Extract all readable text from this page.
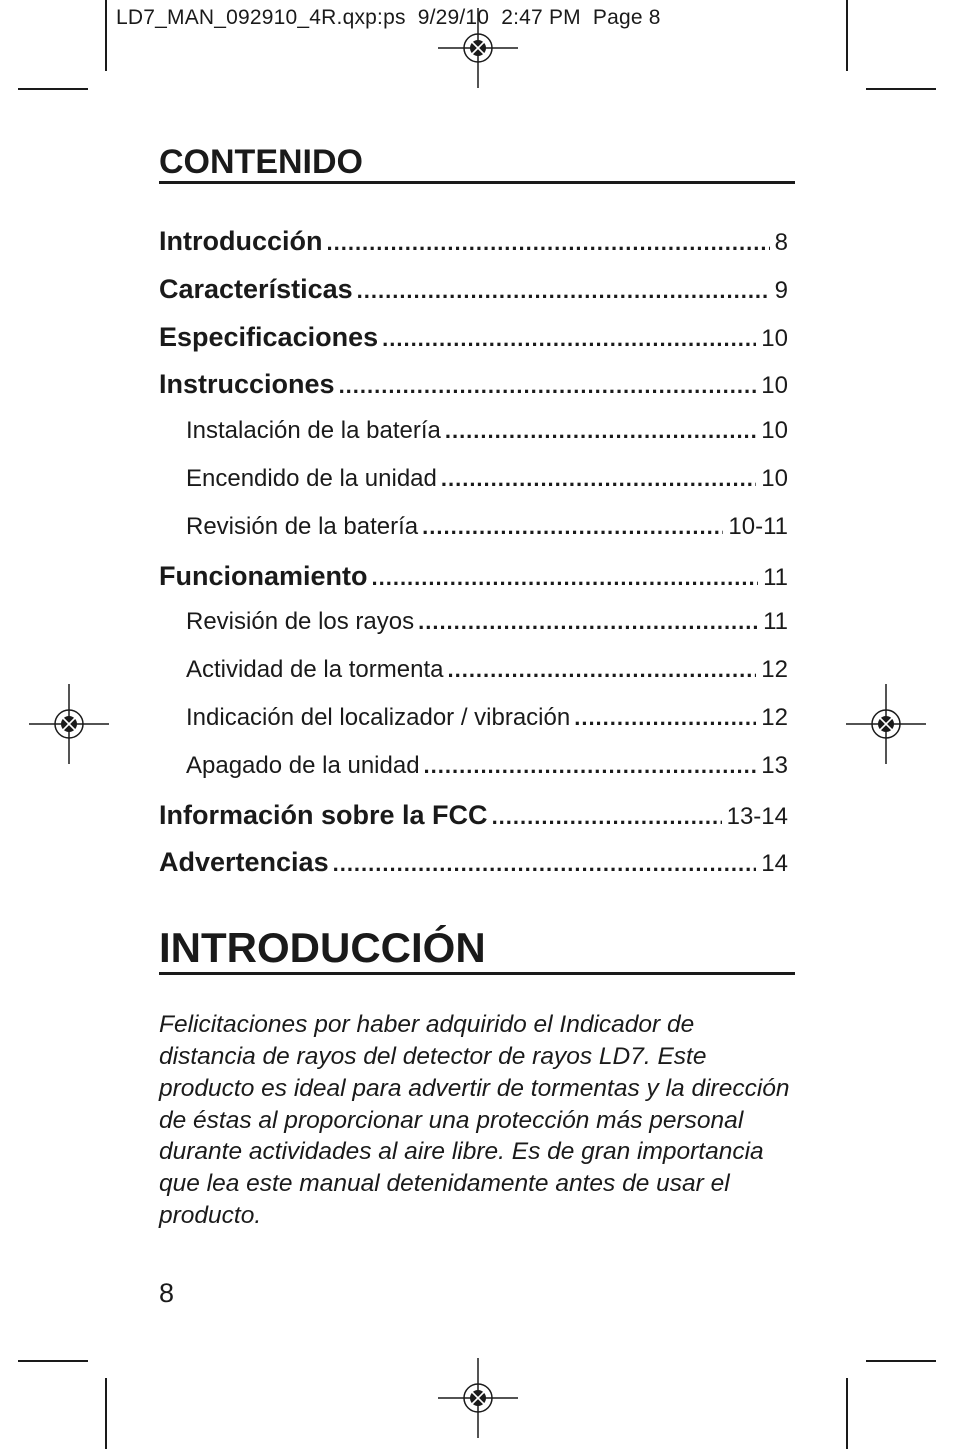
LD7_MAN_092910_4R.qxp:ps  9/29/10  2:47 PM  Page 8
CONTENIDO
Introducción .....	8
Características .....	9
Especificaciones .....	10
Instrucciones .....	10
Instalación de la batería .....	10
Encendido de la unidad .....	10
Revisión de la batería .....	10-11
Funcionamiento .....	11
Revisión de los rayos .....	11
Actividad de la tormenta .....	12
Indicación del localizador / vibración .....	12
Apagado de la unidad .....	13
Información sobre la FCC .....	13-14
Advertencias .....	14
INTRODUCCIÓN

Felicitaciones por haber adquirido el Indicador de distancia de rayos del detector de rayos LD7. Este producto es ideal para advertir de tormentas y la dirección de éstas al proporcionar una protección más personal durante actividades al aire libre. Es de gran importancia que lea este manual detenidamente antes de usar el producto.

8
